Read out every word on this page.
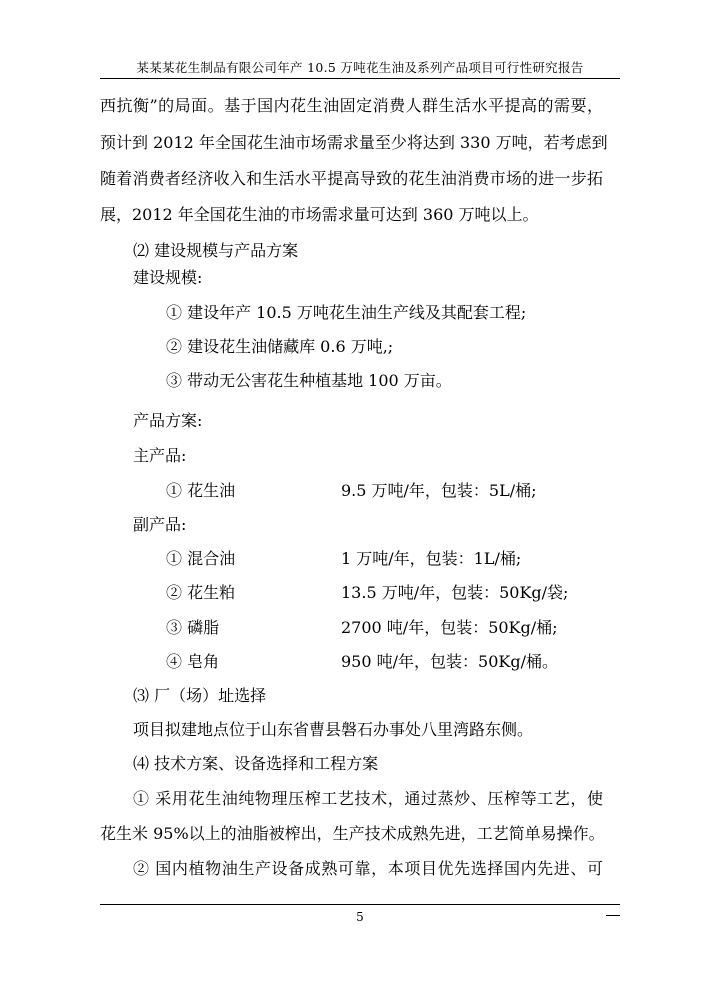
某某某花生制品有限公司年产 10.5 万吨花生油及系列产品项目可行性研究报告
西抗衡”的局面。基于国内花生油固定消费人群生活水平提高的需要，
预计到 2012 年全国花生油市场需求量至少将达到 330 万吨，若考虑到
随着消费者经济收入和生活水平提高导致的花生油消费市场的进一步拓
展，2012 年全国花生油的市场需求量可达到 360 万吨以上。
⑵ 建设规模与产品方案
建设规模:
① 建设年产 10.5 万吨花生油生产线及其配套工程;
② 建设花生油储藏库 0.6 万吨,;
③ 带动无公害花生种植基地 100 万亩。
产品方案:
主产品:
① 花生油	9.5 万吨/年，包装：5L/桶;
副产品:
① 混合油	1 万吨/年，包装：1L/桶;
② 花生粕	13.5 万吨/年，包装：50Kg/袋;
③ 磷脂	2700 吨/年，包装：50Kg/桶;
④ 皂角	950 吨/年，包装：50Kg/桶。
⑶ 厂（场）址选择
项目拟建地点位于山东省曹县磐石办事处八里湾路东侧。
⑷ 技术方案、设备选择和工程方案
① 采用花生油纯物理压榨工艺技术，通过蒸炒、压榨等工艺，使
花生米 95%以上的油脂被榨出，生产技术成熟先进，工艺简单易操作。
② 国内植物油生产设备成熟可靠，本项目优先选择国内先进、可
5
